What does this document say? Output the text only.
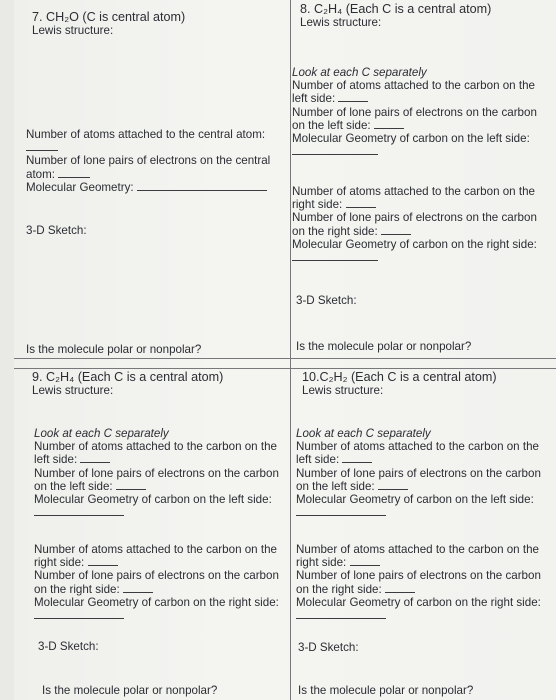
7. CH₂O (C is central atom)
Lewis structure:
Number of atoms attached to the central atom:
Number of lone pairs of electrons on the central atom:
Molecular Geometry:
3-D Sketch:
Is the molecule polar or nonpolar?
8. C₂H₄ (Each C is a central atom)
Lewis structure:
Look at each C separately
Number of atoms attached to the carbon on the left side:
Number of lone pairs of electrons on the carbon on the left side:
Molecular Geometry of carbon on the left side:
Number of atoms attached to the carbon on the right side:
Number of lone pairs of electrons on the carbon on the right side:
Molecular Geometry of carbon on the right side:
3-D Sketch:
Is the molecule polar or nonpolar?
9. C₂H₄ (Each C is a central atom)
Lewis structure:
Look at each C separately
Number of atoms attached to the carbon on the left side:
Number of lone pairs of electrons on the carbon on the left side:
Molecular Geometry of carbon on the left side:
Number of atoms attached to the carbon on the right side:
Number of lone pairs of electrons on the carbon on the right side:
Molecular Geometry of carbon on the right side:
3-D Sketch:
Is the molecule polar or nonpolar?
10.C₂H₂ (Each C is a central atom)
Lewis structure:
Look at each C separately
Number of atoms attached to the carbon on the left side:
Number of lone pairs of electrons on the carbon on the left side:
Molecular Geometry of carbon on the left side:
Number of atoms attached to the carbon on the right side:
Number of lone pairs of electrons on the carbon on the right side:
Molecular Geometry of carbon on the right side:
3-D Sketch:
Is the molecule polar or nonpolar?
